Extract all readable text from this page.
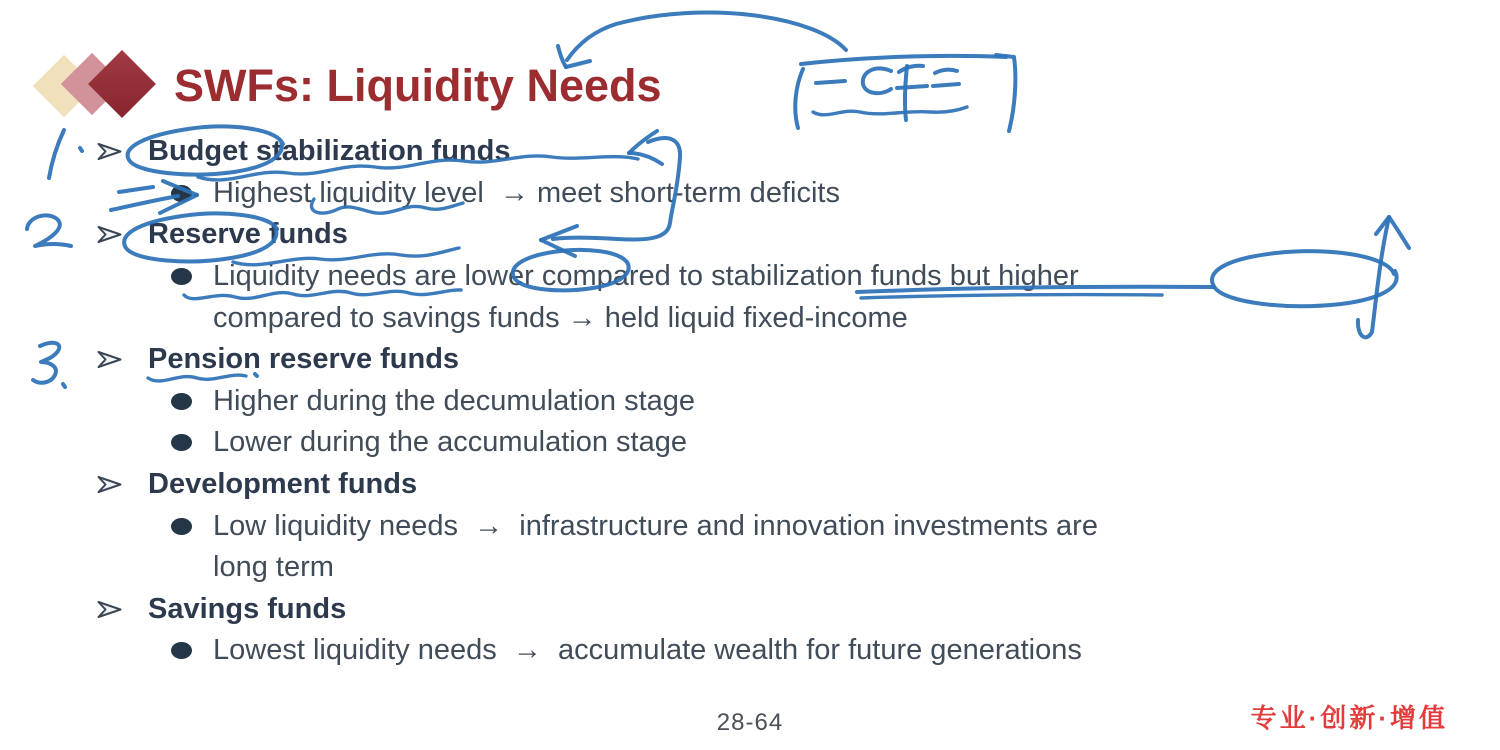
SWFs: Liquidity Needs
Budget stabilization funds
Highest liquidity level  → meet short-term deficits
Reserve funds
Liquidity needs are lower compared to stabilization funds but higher
compared to savings funds → held liquid fixed-income
Pension reserve funds
Higher during the decumulation stage
Lower during the accumulation stage
Development funds
Low liquidity needs  →  infrastructure and innovation investments are
long term
Savings funds
Lowest liquidity needs  →  accumulate wealth for future generations
28-64	专业·创新·增值
